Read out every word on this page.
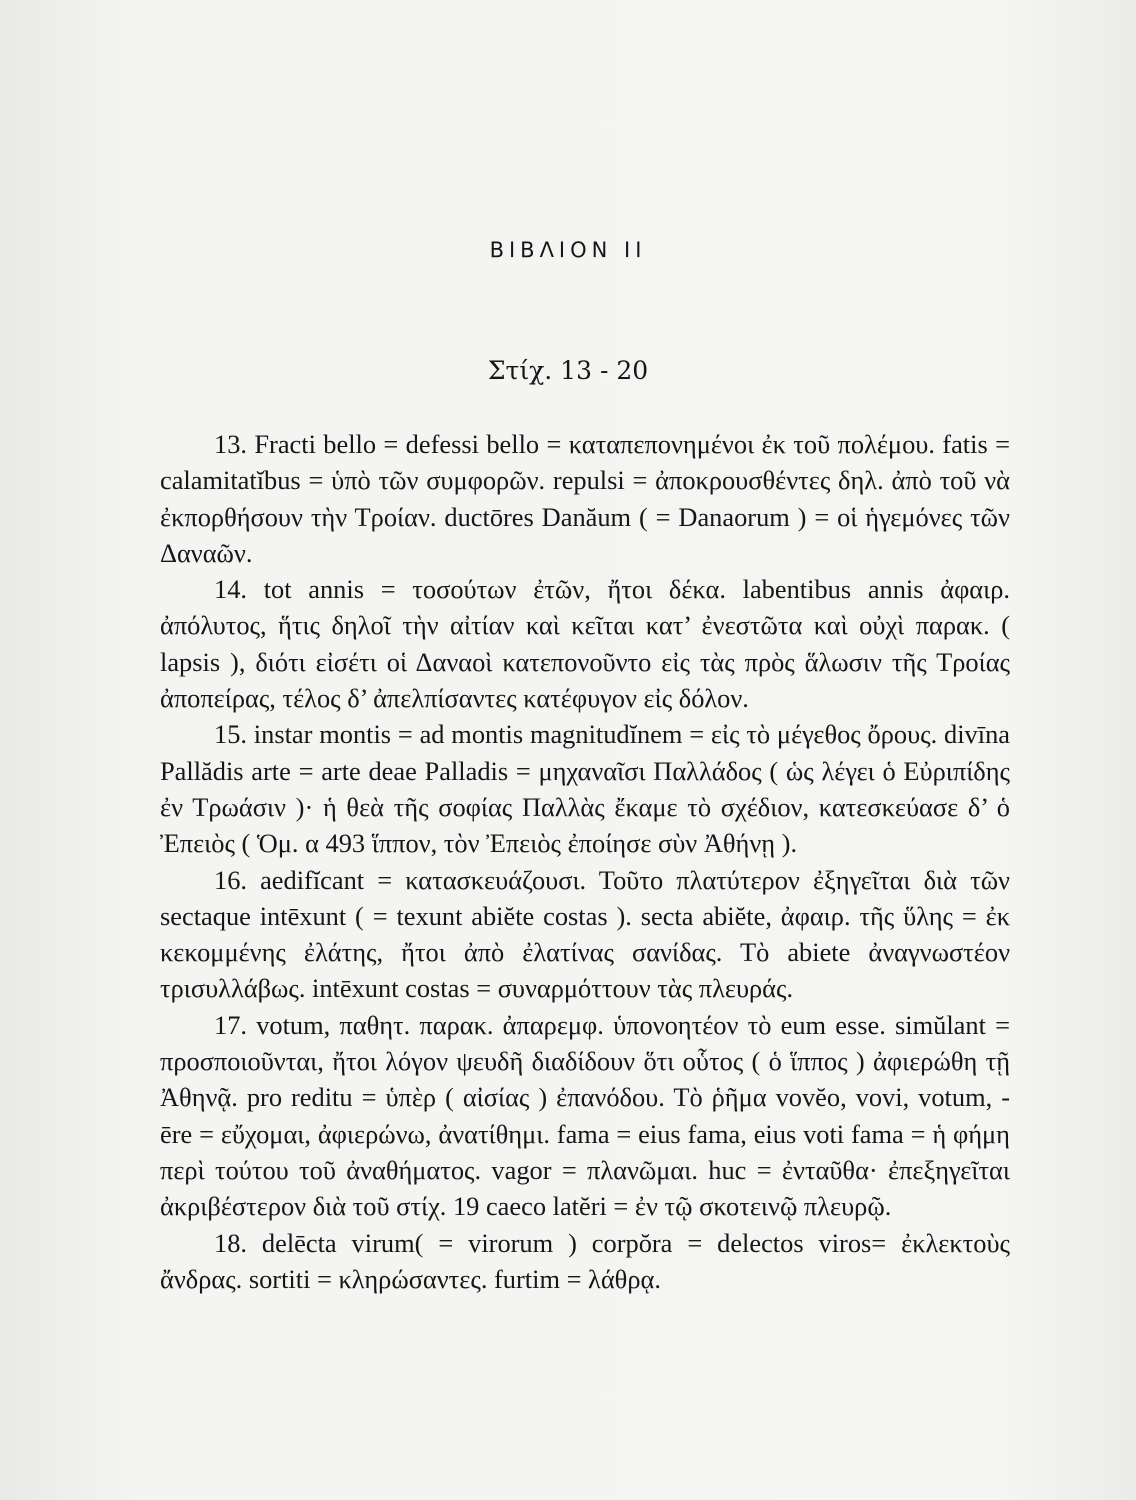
ΒΙΒΛΙΟΝ ΙΙ
Στίχ. 13 - 20

13. Fracti bello = defessi bello = καταπεπονημένοι ἐκ τοῦ πολέμου. fatis = calamitatĭbus = ὑπὸ τῶν συμφορῶν. repulsi = ἀποκρουσθέντες δηλ. ἀπὸ τοῦ νὰ ἐκπορθήσουν τὴν Τροίαν. ductōres Danăum ( = Danaorum ) = οἱ ἡγεμόνες τῶν Δαναῶν.

14. tot annis = τοσούτων ἐτῶν, ἤτοι δέκα. labentibus annis ἀφαιρ. ἀπόλυτος, ἥτις δηλοῖ τὴν αἰτίαν καὶ κεῖται κατ’ ἐνεστῶτα καὶ οὐχὶ παρακ. ( lapsis ), διότι εἰσέτι οἱ Δαναοὶ κατεπονοῦντο εἰς τὰς πρὸς ἅλωσιν τῆς Τροίας ἀποπείρας, τέλος δ’ ἀπελπίσαντες κατέφυγον εἰς δόλον.

15. instar montis = ad montis magnitudĭnem = εἰς τὸ μέγεθος ὄρους. divīna Pallădis arte = arte deae Palladis = μηχαναῖσι Παλλάδος ( ὡς λέγει ὁ Εὐριπίδης ἐν Τρωάσιν )· ἡ θεὰ τῆς σοφίας Παλλὰς ἔκαμε τὸ σχέδιον, κατεσκεύασε δ’ ὁ Ἐπειὸς ( Ὁμ. α 493 ἵππον, τὸν Ἐπειὸς ἐποίησε σὺν Ἀθήνῃ ).

16. aedifĭcant = κατασκευάζουσι. Τοῦτο πλατύτερον ἐξηγεῖται διὰ τῶν sectaque intēxunt ( = texunt abiĕte costas ). secta abiĕte, ἀφαιρ. τῆς ὕλης = ἐκ κεκομμένης ἐλάτης, ἤτοι ἀπὸ ἐλατίνας σανίδας. Τὸ abiete ἀναγνωστέον τρισυλλάβως. intēxunt costas = συναρμόττουν τὰς πλευράς.

17. votum, παθητ. παρακ. ἀπαρεμφ. ὑπονοητέον τὸ eum esse. simŭlant = προσποιοῦνται, ἤτοι λόγον ψευδῆ διαδίδουν ὅτι οὗτος ( ὁ ἵππος ) ἀφιερώθη τῇ Ἀθηνᾷ. pro reditu = ὑπὲρ ( αἰσίας ) ἐπανόδου. Τὸ ῥῆμα vovĕo, vovi, votum, - ēre = εὔχομαι, ἀφιερώνω, ἀνατίθημι. fama = eius fama, eius voti fama = ἡ φήμη περὶ τούτου τοῦ ἀναθήματος. vagor = πλανῶμαι. huc = ἐνταῦθα· ἐπεξηγεῖται ἀκριβέστερον διὰ τοῦ στίχ. 19 caeco latĕri = ἐν τῷ σκοτεινῷ πλευρῷ.

18. delēcta virum( = virorum ) corpŏra = delectos viros= ἐκλεκτοὺς ἄνδρας. sortiti = κληρώσαντες. furtim = λάθρᾳ.
